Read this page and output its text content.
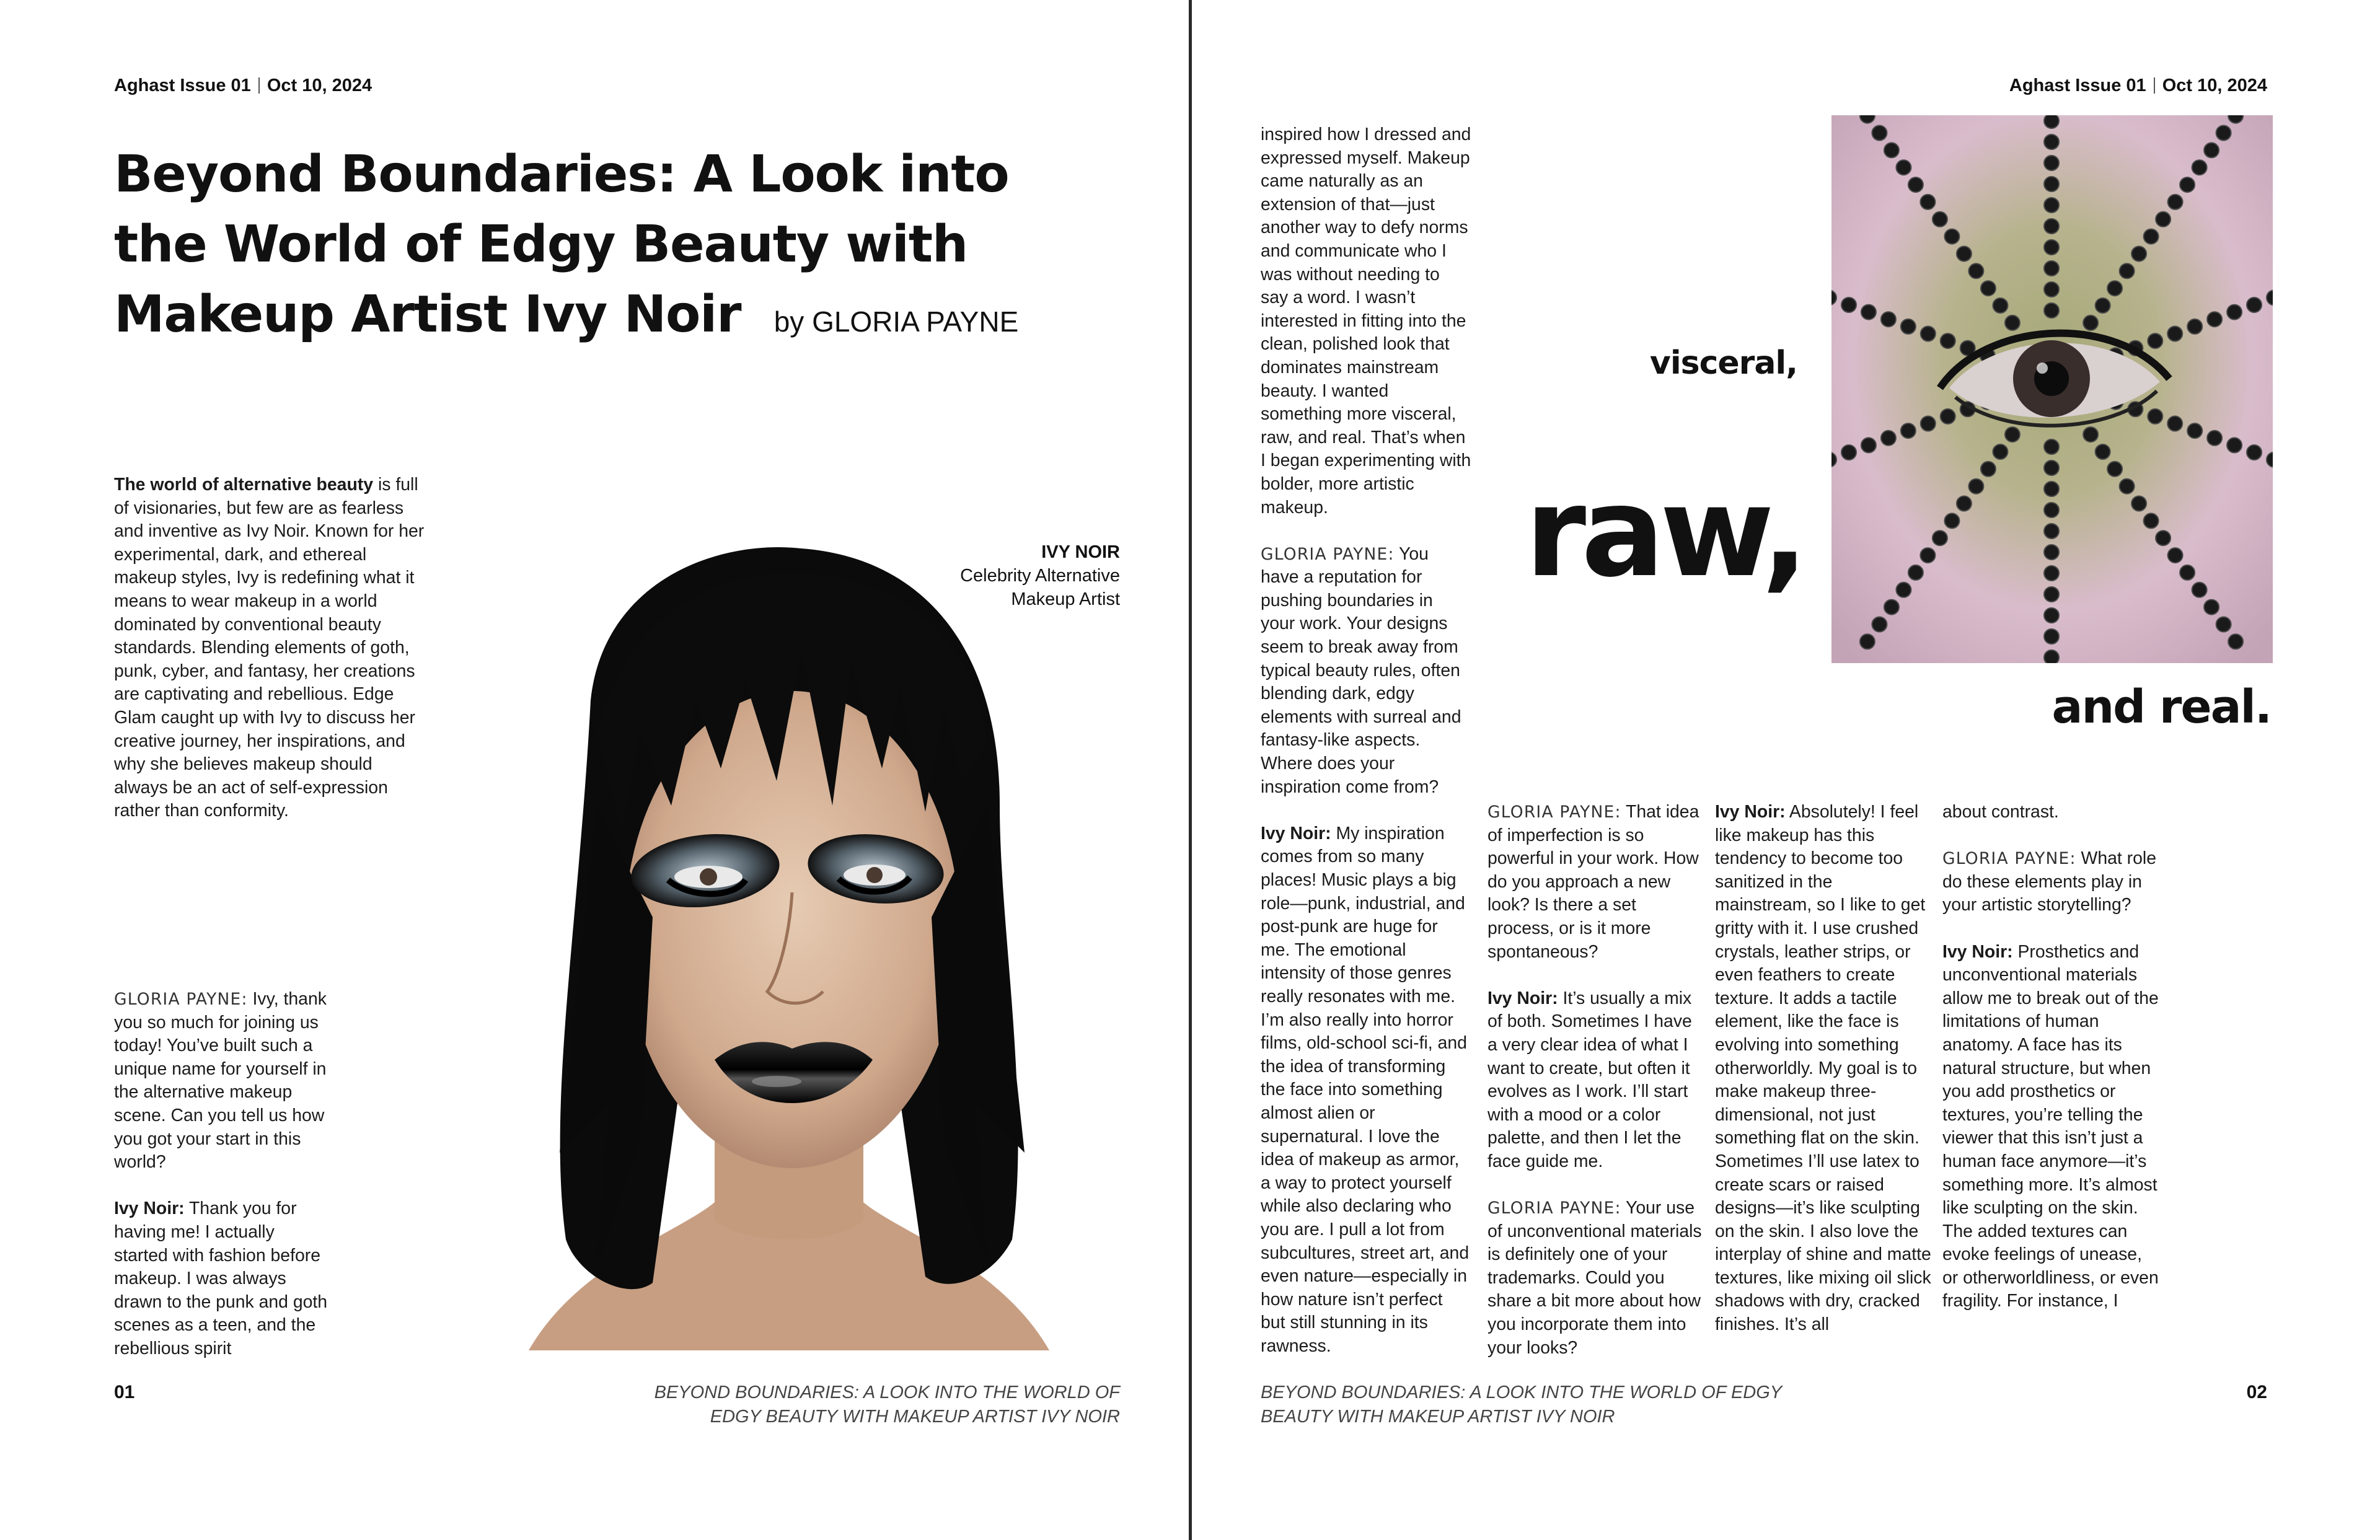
Aghast Issue 01 Oct 10, 2024	Aghast Issue 01 Oct 10, 2024
Beyond Boundaries: A Look into the World of Edgy Beauty with Makeup Artist Ivy Noir by GLORIA PAYNE
The world of alternative beauty is full of visionaries, but few are as fearless and inventive as Ivy Noir. Known for her experimental, dark, and ethereal makeup styles, Ivy is redefining what it means to wear makeup in a world dominated by conventional beauty standards. Blending elements of goth, punk, cyber, and fantasy, her creations are captivating and rebellious. Edge Glam caught up with Ivy to discuss her creative journey, her inspirations, and why she believes makeup should always be an act of self-expression rather than conformity.

GLORIA PAYNE: Ivy, thank you so much for joining us today! You’ve built such a unique name for yourself in the alternative makeup scene. Can you tell us how you got your start in this world?

Ivy Noir: Thank you for having me! I actually started with fashion before makeup. I was always drawn to the punk and goth scenes as a teen, and the rebellious spirit

IVY NOIR
Celebrity Alternative Makeup Artist
01	BEYOND BOUNDARIES: A LOOK INTO THE WORLD OF EDGY BEAUTY WITH MAKEUP ARTIST IVY NOIR

inspired how I dressed and expressed myself. Makeup came naturally as an extension of that—just another way to defy norms and communicate who I was without needing to say a word. I wasn’t interested in fitting into the clean, polished look that dominates mainstream beauty. I wanted something more visceral, raw, and real. That’s when I began experimenting with bolder, more artistic makeup.

GLORIA PAYNE: You have a reputation for pushing boundaries in your work. Your designs seem to break away from typical beauty rules, often blending dark, edgy elements with surreal and fantasy-like aspects. Where does your inspiration come from?

Ivy Noir: My inspiration comes from so many places! Music plays a big role—punk, industrial, and post-punk are huge for me. The emotional intensity of those genres really resonates with me. I’m also really into horror films, old-school sci-fi, and the idea of transforming the face into something almost alien or supernatural. I love the idea of makeup as armor, a way to protect yourself while also declaring who you are. I pull a lot from subcultures, street art, and even nature—especially in how nature isn’t perfect but still stunning in its rawness.

GLORIA PAYNE: That idea of imperfection is so powerful in your work. How do you approach a new look? Is there a set process, or is it more spontaneous?

Ivy Noir: It’s usually a mix of both. Sometimes I have a very clear idea of what I want to create, but often it evolves as I work. I’ll start with a mood or a color palette, and then I let the face guide me.

GLORIA PAYNE: Your use of unconventional materials is definitely one of your trademarks. Could you share a bit more about how you incorporate them into your looks?

Ivy Noir: Absolutely! I feel like makeup has this tendency to become too sanitized in the mainstream, so I like to get gritty with it. I use crushed crystals, leather strips, or even feathers to create texture. It adds a tactile element, like the face is evolving into something otherworldly. My goal is to make makeup three-dimensional, not just something flat on the skin. Sometimes I’ll use latex to create scars or raised designs—it’s like sculpting on the skin. I also love the interplay of shine and matte textures, like mixing oil slick shadows with dry, cracked finishes. It’s all

about contrast.

GLORIA PAYNE: What role do these elements play in your artistic storytelling?

Ivy Noir: Prosthetics and unconventional materials allow me to break out of the limitations of human anatomy. A face has its natural structure, but when you add prosthetics or textures, you’re telling the viewer that this isn’t just a human face anymore—it’s something more. It’s almost like sculpting on the skin. The added textures can evoke feelings of unease, or otherworldliness, or even fragility. For instance, I

visceral,
raw,
and real.
BEYOND BOUNDARIES: A LOOK INTO THE WORLD OF EDGY BEAUTY WITH MAKEUP ARTIST IVY NOIR
02
